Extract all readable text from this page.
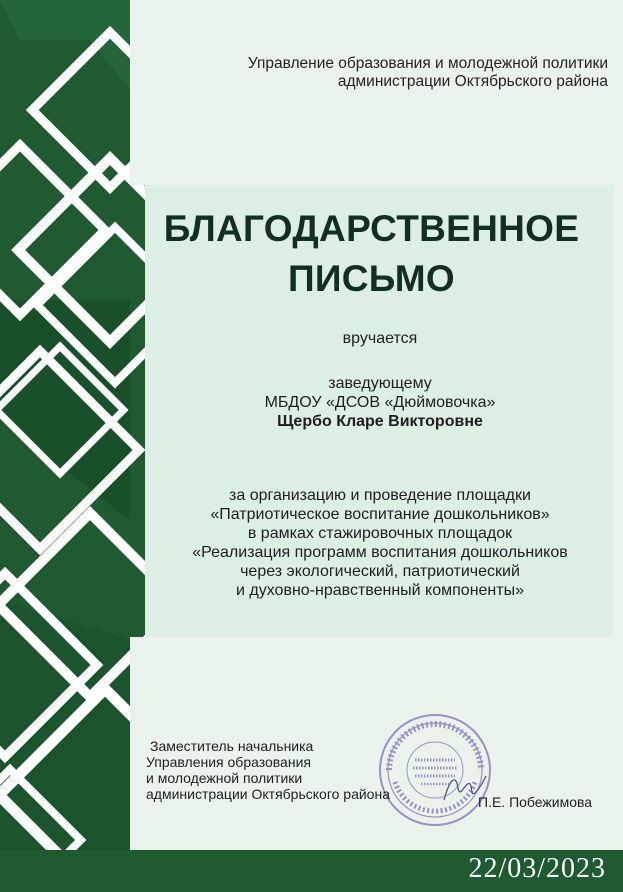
Управление образования и молодежной политики
администрации Октябрьского района
БЛАГОДАРСТВЕННОЕ
ПИСЬМО
вручается
заведующему
МБДОУ «ДСОВ «Дюймовочка»
Щербо Кларе Викторовне
за организацию и проведение площадки
«Патриотическое воспитание дошкольников»
в рамках стажировочных площадок
«Реализация программ воспитания дошкольников
через экологический, патриотический
и духовно-нравственный компоненты»
Заместитель начальника
Управления образования
и молодежной политики
администрации Октябрьского района	П.Е. Побежимова
22/03/2023
